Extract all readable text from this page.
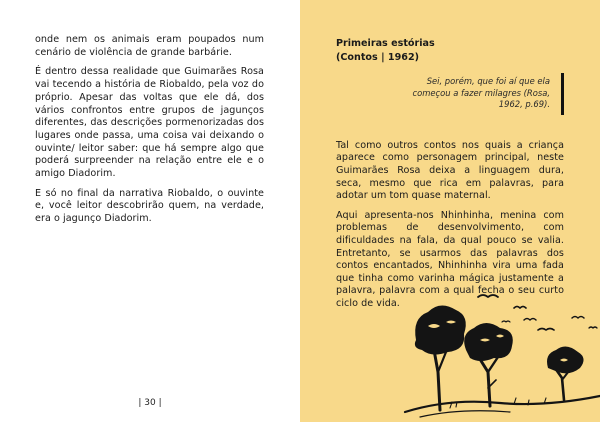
onde nem os animais eram poupados num cenário de violência de grande barbárie.

É dentro dessa realidade que Guimarães Rosa vai tecendo a história de Riobaldo, pela voz do próprio. Apesar das voltas que ele dá, dos vários confrontos entre grupos de jagunços diferentes, das descrições pormenorizadas dos lugares onde passa, uma coisa vai deixando o ouvinte/ leitor saber: que há sempre algo que poderá surpreender na relação entre ele e o amigo Diadorim.

E só no final da narrativa Riobaldo, o ouvinte e, você leitor descobrirão quem, na verdade, era o jagunço Diadorim.

| 30 |
Primeiras estórias
(Contos | 1962)
Sei, porém, que foi aí que ela começou a fazer milagres (Rosa, 1962, p.69).

Tal como outros contos nos quais a criança aparece como personagem principal, neste Guimarães Rosa deixa a linguagem dura, seca, mesmo que rica em palavras, para adotar um tom quase maternal.

Aqui apresenta-nos Nhinhinha, menina com problemas de desenvolvimento, com dificuldades na fala, da qual pouco se valia. Entretanto, se usarmos das palavras dos contos encantados, Nhinhinha vira uma fada que tinha como varinha mágica justamente a palavra, palavra com a qual fecha o seu curto ciclo de vida.
